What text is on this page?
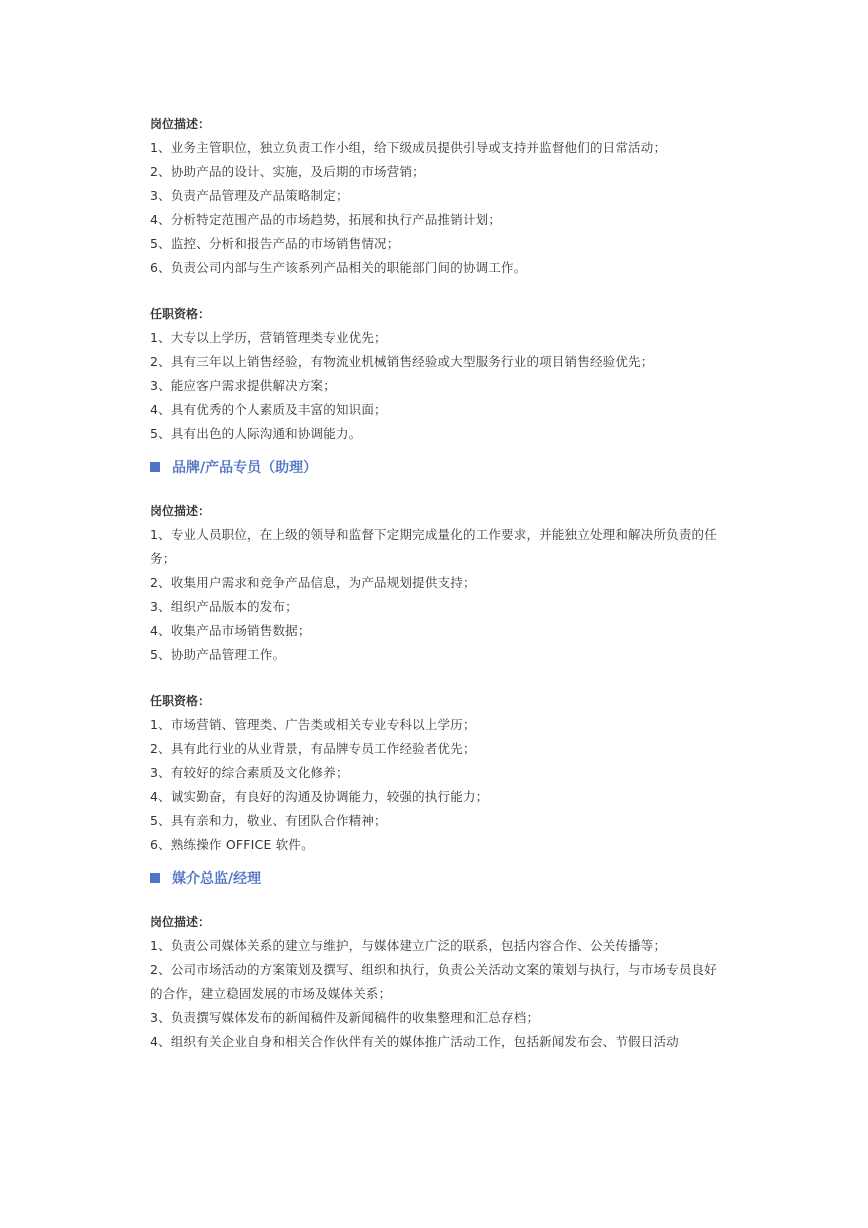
岗位描述：

1、业务主管职位，独立负责工作小组，给下级成员提供引导或支持并监督他们的日常活动；

2、协助产品的设计、实施，及后期的市场营销；

3、负责产品管理及产品策略制定；

4、分析特定范围产品的市场趋势，拓展和执行产品推销计划；

5、监控、分析和报告产品的市场销售情况；

6、负责公司内部与生产该系列产品相关的职能部门间的协调工作。

任职资格：

1、大专以上学历，营销管理类专业优先；

2、具有三年以上销售经验，有物流业机械销售经验或大型服务行业的项目销售经验优先；

3、能应客户需求提供解决方案；

4、具有优秀的个人素质及丰富的知识面；

5、具有出色的人际沟通和协调能力。

品牌/产品专员（助理）

岗位描述：

1、专业人员职位，在上级的领导和监督下定期完成量化的工作要求，并能独立处理和解决所负责的任务；

2、收集用户需求和竞争产品信息，为产品规划提供支持；

3、组织产品版本的发布；

4、收集产品市场销售数据；

5、协助产品管理工作。

任职资格：

1、市场营销、管理类、广告类或相关专业专科以上学历；

2、具有此行业的从业背景，有品牌专员工作经验者优先；

3、有较好的综合素质及文化修养；

4、诚实勤奋，有良好的沟通及协调能力，较强的执行能力；

5、具有亲和力，敬业、有团队合作精神；

6、熟练操作 OFFICE 软件。

媒介总监/经理

岗位描述：

1、负责公司媒体关系的建立与维护，与媒体建立广泛的联系，包括内容合作、公关传播等；

2、公司市场活动的方案策划及撰写、组织和执行，负责公关活动文案的策划与执行，与市场专员良好的合作，建立稳固发展的市场及媒体关系；

3、负责撰写媒体发布的新闻稿件及新闻稿件的收集整理和汇总存档；

4、组织有关企业自身和相关合作伙伴有关的媒体推广活动工作，包括新闻发布会、节假日活动
